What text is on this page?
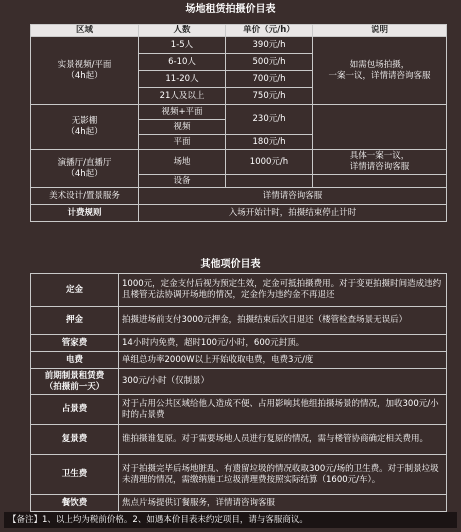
场地租赁拍摄价目表
区域	人数	单价（元/h）	说明
实景视频/平面
（4h起）	1-5人	390元/h	如需包场拍摄，
一案一议，详情请咨询客服
	6-10人	500元/h	
	11-20人	700元/h	
	21人及以上	750元/h	
无影棚
（4h起）	视频+平面	230元/h	
	视频		
	平面	180元/h	
演播厅/直播厅
（4h起）	场地	1000元/h	具体一案一议，
详情请咨询客服
	设备		
美术设计/置景服务	详情请咨询客服		
计费规则	入场开始计时，拍摄结束停止计时		
其他项价目表
定金	1000元，定金支付后视为预定生效，定金可抵拍摄费用。对于变更拍摄时间造成违约且楼管无法协调开场地的情况，定金作为违约金不再退还
押金	拍摄进场前支付3000元押金，拍摄结束后次日退还（楼管检查场景无误后）
管家费	14小时内免费，超时100元/小时，600元封顶。
电费	单组总功率2000W以上开始收取电费，电费3元/度
前期制景租赁费
（拍摄前一天）	300元/小时（仅制景）
占景费	对于占用公共区域给他人造成不便、占用影响其他组拍摄场景的情况，加收300元/小时的占景费
复景费	谁拍摄谁复原。对于需要场地人员进行复原的情况，需与楼管协商确定相关费用。
卫生费	对于拍摄完毕后场地脏乱、有遗留垃圾的情况收取300元/场的卫生费。对于制景垃圾未清理的情况，需缴纳施工垃圾清理费按照实际结算（1600元/车）。
餐饮费	焦点片场提供订餐服务，详情请咨询客服
【备注】1、以上均为税前价格。2、如遇本价目表未约定项目，请与客服商议。
